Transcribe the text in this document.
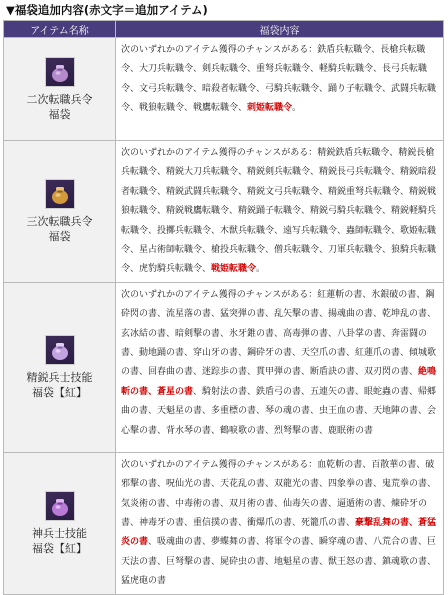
▼福袋追加内容(赤文字＝追加アイテム)
アイテム名称	福袋内容

二次転職兵令
福袋	次のいずれかのアイテム獲得のチャンスがある：鉄盾兵転職令、長槍兵転職令、大刀兵転職令、剣兵転職令、重弩兵転職令、軽騎兵転職令、長弓兵転職令、文弓兵転職令、暗殺者転職令、弓騎兵転職令、踊り子転職令、武闘兵転職令、戦狼転職令、戦鷹転職令、刺姫転職令。

三次転職兵令
福袋	次のいずれかのアイテム獲得のチャンスがある：精鋭鉄盾兵転職令、精鋭長槍兵転職令、精鋭大刀兵転職令、精鋭剣兵転職令、精鋭長弓兵転職令、精鋭暗殺者転職令、精鋭武闘兵転職令、精鋭文弓兵転職令、精鋭重弩兵転職令、精鋭戦狼転職令、精鋭戦鷹転職令、精鋭踊子転職令、精鋭弓騎兵転職令、精鋭軽騎兵転職令、投擲兵転職令、木獣兵転職令、遠写兵転職令、蟲師転職令、歌姫転職令、星占術師転職令、槍投兵転職令、僧兵転職令、刀軍兵転職令、狼騎兵転職令、虎豹騎兵転職令、戦姫転職令。

精鋭兵士技能
福袋【紅】	次のいずれかのアイテム獲得のチャンスがある：紅蓮斬の書、氷銀破の書、鋼砕閃の書、流星落の書、猛突弾の書、乱矢撃の書、揚魂曲の書、乾坤乱の書、玄冰結の書、暗剣撃の書、氷牙錐の書、高毒弾の書、八卦掌の書、奔雷闘の書、動地踊の書、穿山牙の書、鋼砕牙の書、天空爪の書、紅蓮爪の書、傾城歌の書、回春曲の書、迷踪歩の書、貫甲弾の書、断盾訣の書、双刃閃の書、絶鳴斬の書、蒼星の書、騎射法の書、鉄盾弓の書、五連矢の書、眼蛇蟲の書、帰郷曲の書、天魁星の書、多重標の書、琴の魂の書、虫王血の書、天地陣の書、会心撃の書、背水琴の書、鶴唳歌の書、烈弩撃の書、鹿眠術の書

神兵士技能
福袋【紅】	次のいずれかのアイテム獲得のチャンスがある：血乾斬の書、百散華の書、破邪撃の書、呪仙光の書、天花乱の書、双龍光の書、四象拳の書、鬼荒拳の書、気炎術の書、中毒術の書、双月術の書、仙毒矢の書、逼遁術の書、煉砕牙の書、神毒牙の書、重信撲の書、衝爆爪の書、死籠爪の書、豪撃乱舞の書、蒼猛炎の書、吸魂曲の書、夢蝶舞の書、将軍令の書、瞬穿魂の書、八荒合の書、巨天法の書、巨弩撃の書、屍砕虫の書、地魁星の書、獣王怒の書、鎮魂歌の書、猛虎砲の書
